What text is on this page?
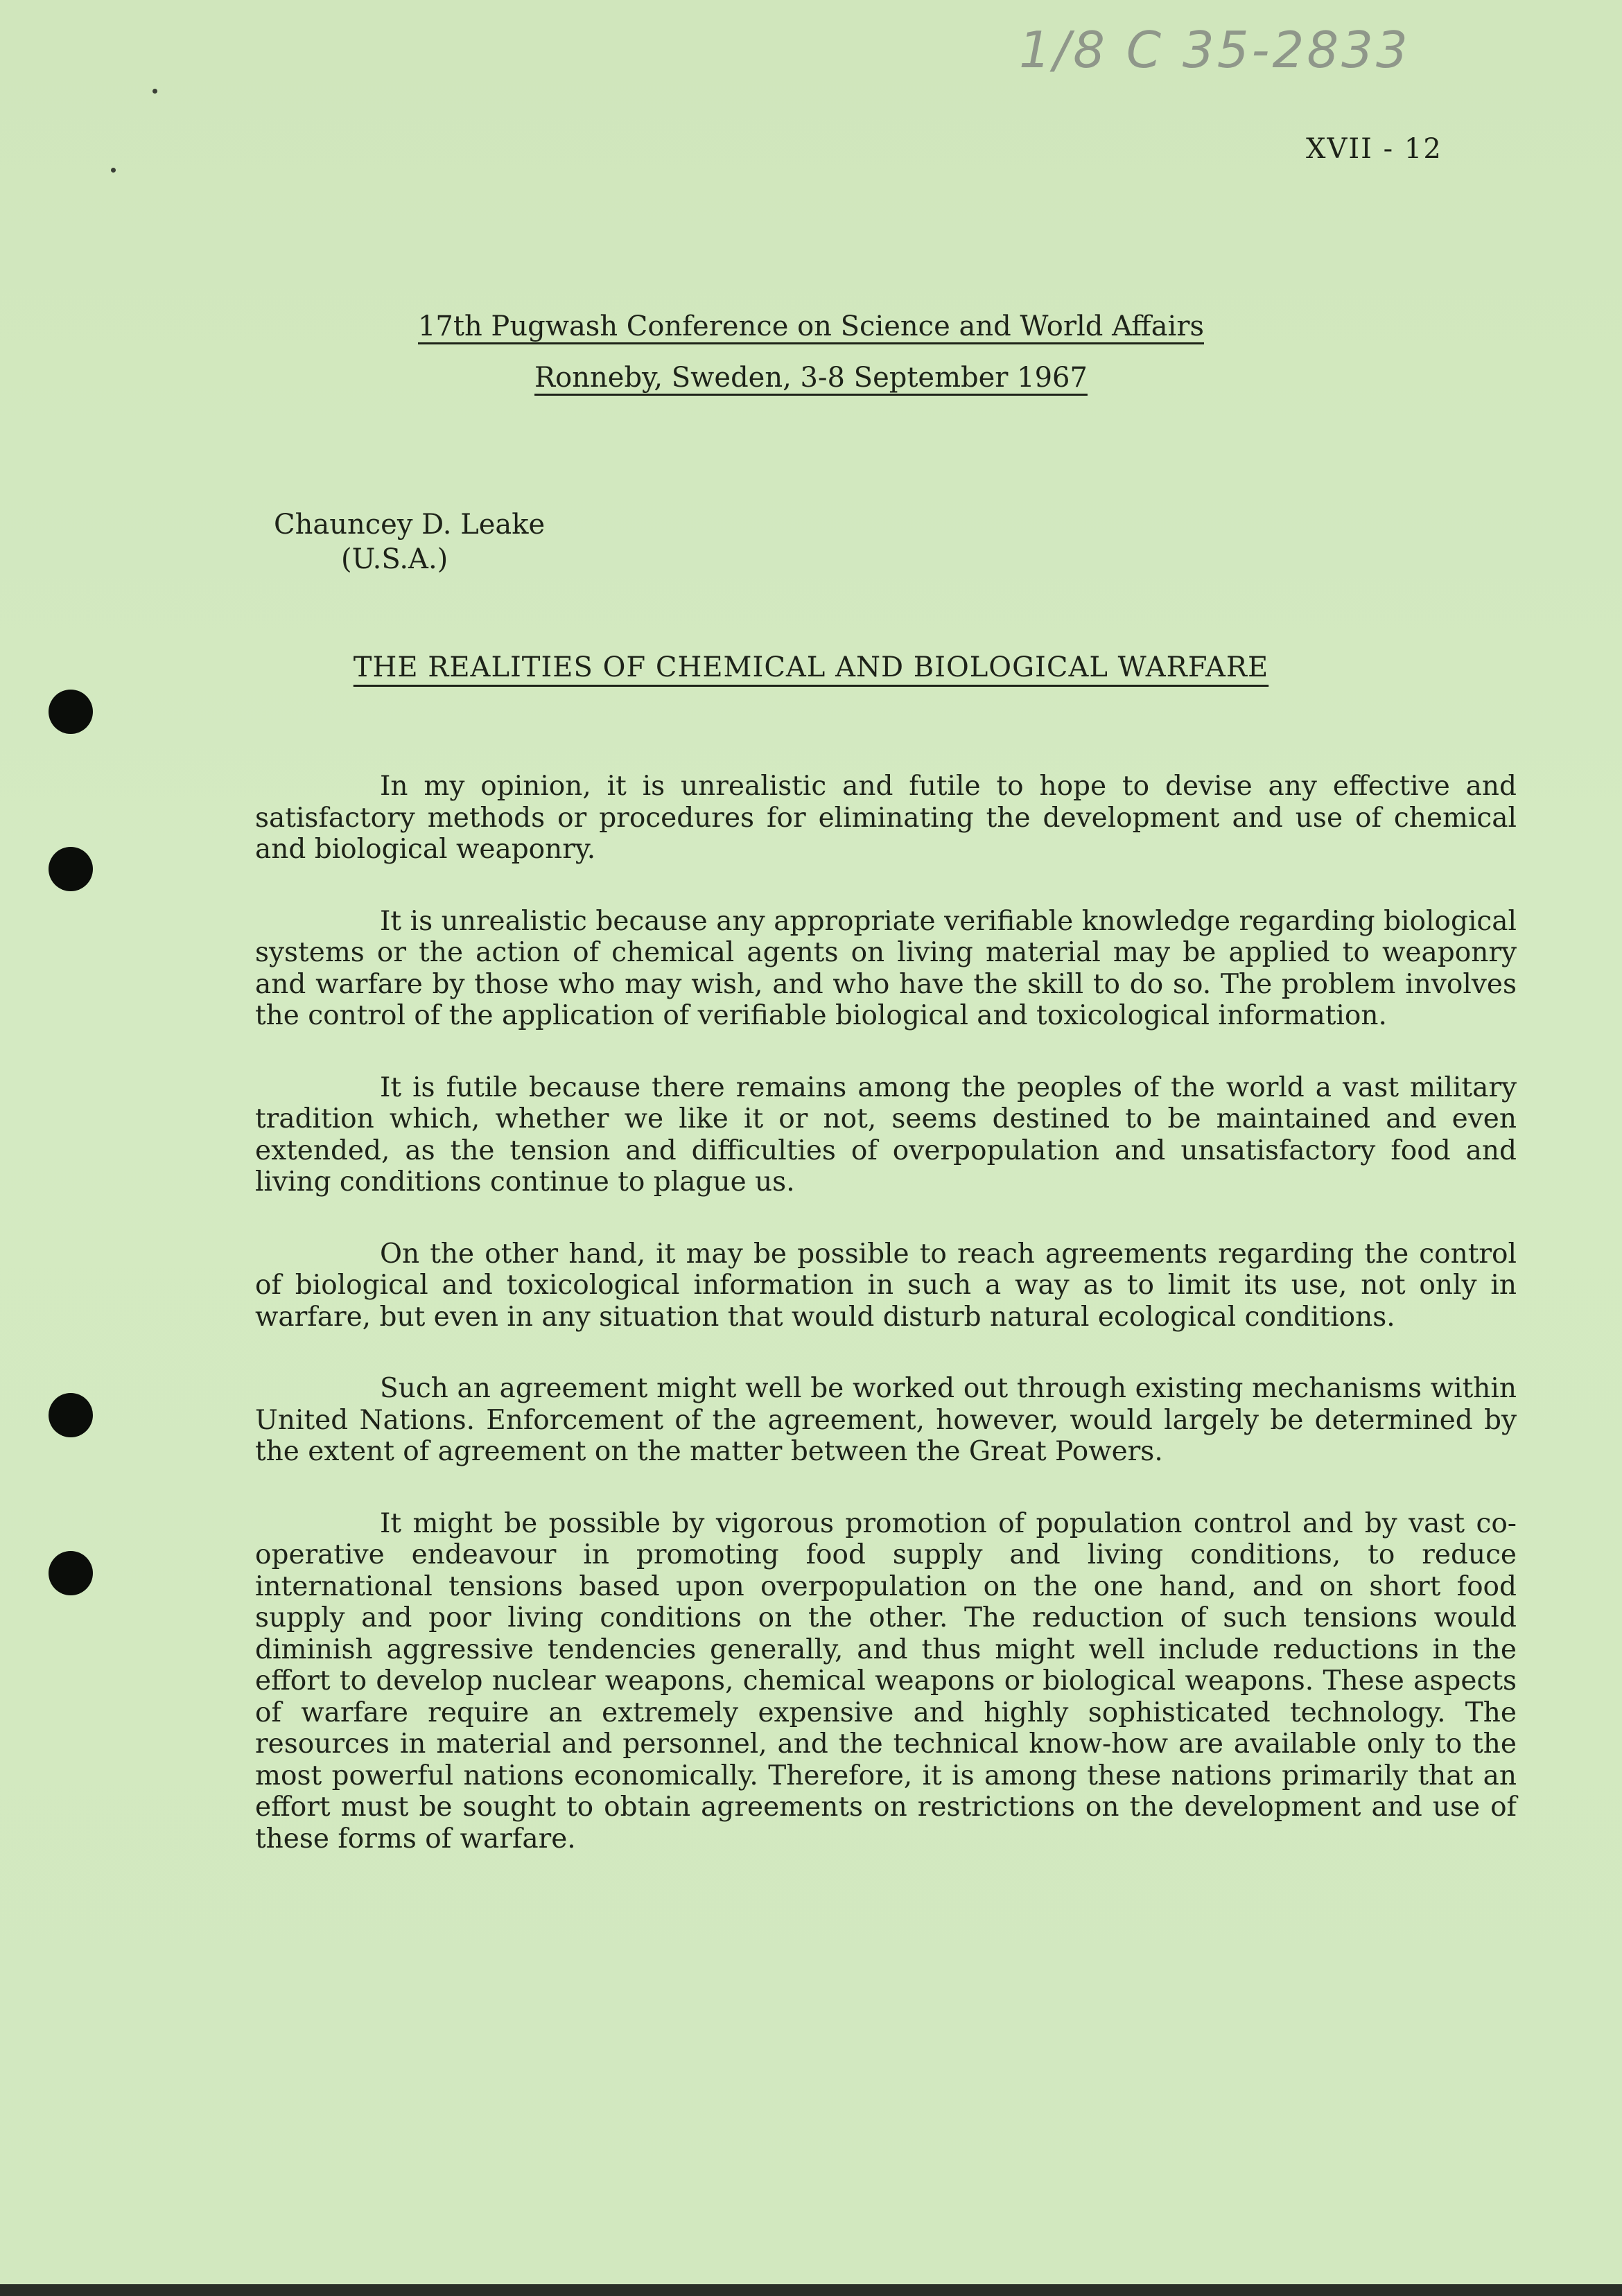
1/8 C 35-2833
XVII - 12
17th Pugwash Conference on Science and World Affairs
Ronneby, Sweden, 3-8 September 1967
Chauncey D. Leake
(U.S.A.)
THE REALITIES OF CHEMICAL AND BIOLOGICAL WARFARE

In my opinion, it is unrealistic and futile to hope to devise any effective and satisfactory methods or procedures for eliminating the development and use of chemical and biological weaponry.

It is unrealistic because any appropriate verifiable knowledge regarding biological systems or the action of chemical agents on living material may be applied to weaponry and warfare by those who may wish, and who have the skill to do so. The problem involves the control of the application of verifiable biological and toxicological information.

It is futile because there remains among the peoples of the world a vast military tradition which, whether we like it or not, seems destined to be maintained and even extended, as the tension and difficulties of overpopulation and unsatisfactory food and living conditions continue to plague us.

On the other hand, it may be possible to reach agreements regarding the control of biological and toxicological information in such a way as to limit its use, not only in warfare, but even in any situation that would disturb natural ecological conditions.

Such an agreement might well be worked out through existing mechanisms within United Nations. Enforcement of the agreement, however, would largely be determined by the extent of agreement on the matter between the Great Powers.

It might be possible by vigorous promotion of population control and by vast co-operative endeavour in promoting food supply and living conditions, to reduce international tensions based upon overpopulation on the one hand, and on short food supply and poor living conditions on the other. The reduction of such tensions would diminish aggressive tendencies generally, and thus might well include reductions in the effort to develop nuclear weapons, chemical weapons or biological weapons. These aspects of warfare require an extremely expensive and highly sophisticated technology. The resources in material and personnel, and the technical know-how are available only to the most powerful nations economically. Therefore, it is among these nations primarily that an effort must be sought to obtain agreements on restrictions on the development and use of these forms of warfare.
